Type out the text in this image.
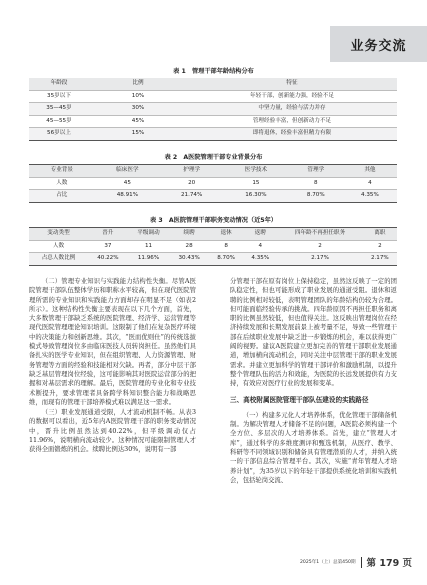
业务交流
表 1　管理干部年龄结构分布
年龄段	比例	特征
35岁以下	10%	年轻干部，创新能力强，经验不足
35—45岁	30%	中坚力量，经验与活力并存
45—55岁	45%	管理经验丰富，但创新动力不足
56岁以上	15%	即将退休，经验丰富但精力有限
表 2　A医院管理干部专业背景分布
专业背景	临床医学	护理学	医学技术	管理学	其他
人数	45	20	15	8	4
占比	48.91%	21.74%	16.30%	8.70%	4.35%
表 3　A医院管理干部职务变动情况（近5年）
变动类型	晋升	平级调动	续聘	退休	返聘	四年龄不再担任职务	离职
人数	37	11	28	8	4	2	2
占总人数比例	40.22%	11.96%	30.43%	8.70%	4.35%	2.17%	2.17%

（二）管理专业知识与实践能力结构性失衡。尽管A医院管理干部队伍整体学历和职称水平较高，但在现代医院管理所需的专业知识和实践能力方面却存在明显不足（如表2所示）。这种结构性失衡主要表现在以下几个方面，首先，大多数管理干部缺乏系统的医院管理、经济学、运营管理等现代医院管理理论知识培训。这限制了他们在复杂医疗环境中的决策能力和创新思维。其次，“医而优则仕”的传统选拔模式导致管理岗位多由临床医技人员转岗担任。虽然他们具备扎实的医学专业知识，但在组织管理、人力资源管理、财务管理等方面的经验和技能相对欠缺。再者，部分中层干部缺乏基层管理岗位经验，这可能影响其对医院运营部分的把握和对基层需求的理解。最后，医院管理的专业化和专业技术断提升，要求管理者具备跨学科知识整合能力和战略思维，而现有的管理干部培养模式难以满足这一需求。

（三）职业发展通道受限，人才流动机制不畅。从表3的数据可以看出，近5年内A医院管理干部的职务变动情况中，晋升比例虽然达到40.22%，但平级调动仅占11.96%，说明横向流动较少。这种情况可能限制管理人才获得全面锻炼的机会。续聘比例达30%，说明有一部

分管理干部在原有岗位上保持稳定，虽然这反映了一定的团队稳定性，但也可能形成了职业发展的通道受阻。退休和返聘的比例相对较低，表明管理团队的年龄结构仍较为合理。但可能面临经验传承的挑战。四年龄原因不再担任职务和离职的比例虽然较低，但也值得关注。这反映出管理岗位在经济持续发展和长期发展前景上被考量不足，导致一些管理干部在后续职业发展中缺乏进一步锻炼的机会，难以获得更广阔的视野。建议A医院建立更加完善的管理干部职业发展通道，增加横向流动机会，同时关注中层管理干部的职业发展需求。并建立更加科学的管理干部评价和激励机制，以提升整个管理队伍的活力和效能，为医院的长远发展提供有力支持，有效应对医疗行业的发展和变革。

三、高校附属医院管理干部队伍建设的实践路径

（一）构建多元化人才培养体系，优化管理干部储备机制。为解决管理人才储备不足的问题，A医院必须构建一个全方位、多层次的人才培养体系。首先，建立“管理人才库”，通过科学的多维度测评和甄选机制，从医疗、教学、科研等不同领域识别和储备具有管理潜质的人才，并纳入统一的干部信息综合管理平台。其次，实施“青年管理人才培养计划”，为35岁以下的年轻干部提供系统化培训和实践机会，包括轮岗交流、

2025年1（上）总第450期 第 179 页
